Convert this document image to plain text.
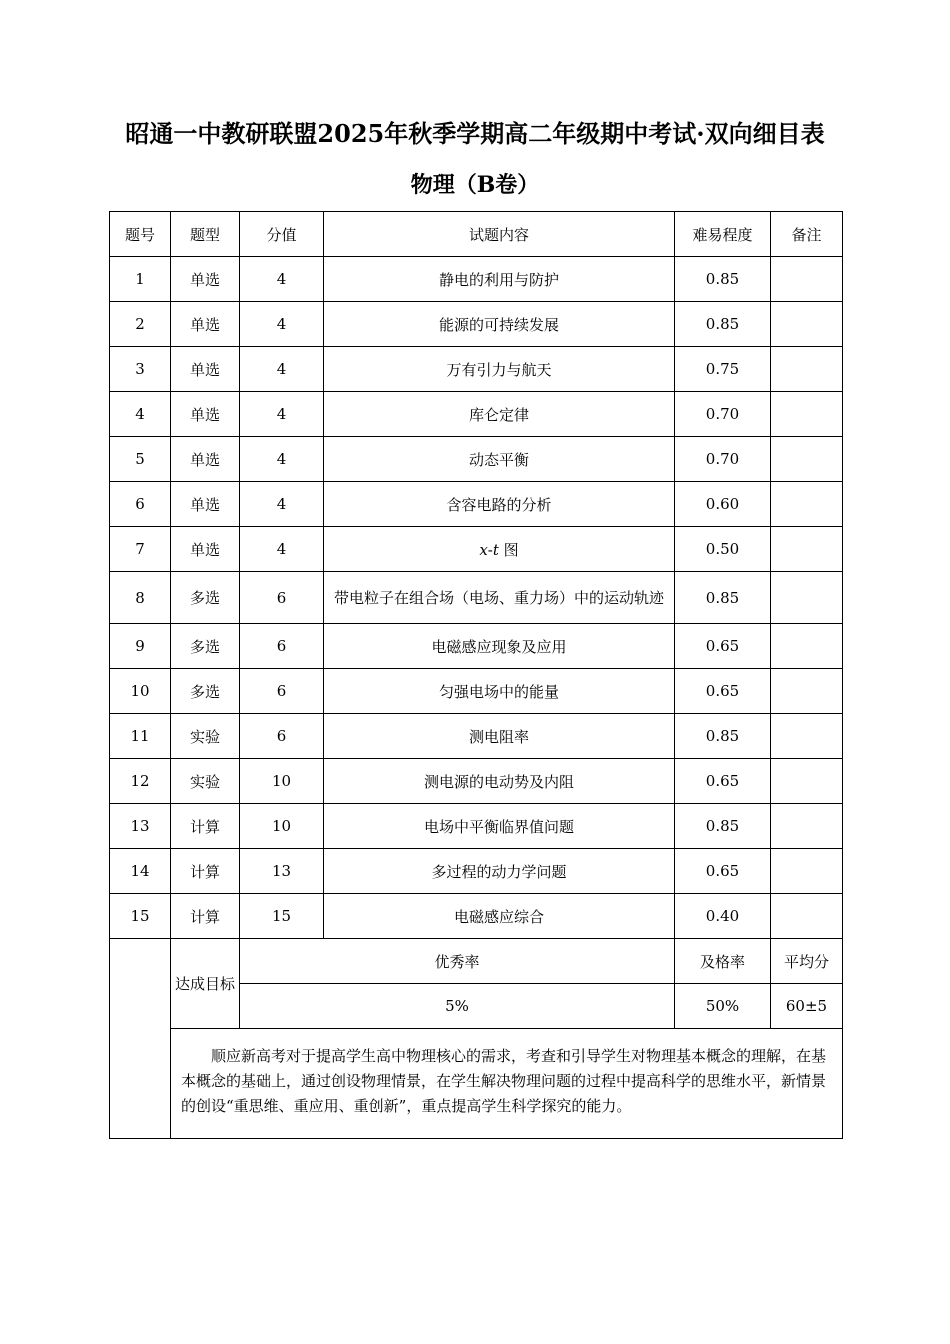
昭通一中教研联盟2025年秋季学期高二年级期中考试·双向细目表
物理（B卷）
题号	题型	分值	试题内容	难易程度	备注
1	单选	4	静电的利用与防护	0.85	
2	单选	4	能源的可持续发展	0.85	
3	单选	4	万有引力与航天	0.75	
4	单选	4	库仑定律	0.70	
5	单选	4	动态平衡	0.70	
6	单选	4	含容电路的分析	0.60	
7	单选	4	x-t 图	0.50	
8	多选	6	带电粒子在组合场（电场、重力场）中的运动轨迹	0.85	
9	多选	6	电磁感应现象及应用	0.65	
10	多选	6	匀强电场中的能量	0.65	
11	实验	6	测电阻率	0.85	
12	实验	10	测电源的电动势及内阻	0.65	
13	计算	10	电场中平衡临界值问题	0.85	
14	计算	13	多过程的动力学问题	0.65	
15	计算	15	电磁感应综合	0.40	
	达成目标	优秀率		及格率	平均分
		5%		50%	60±5
	顺应新高考对于提高学生高中物理核心的需求，考查和引导学生对物理基本概念的理解，在基本概念的基础上，通过创设物理情景，在学生解决物理问题的过程中提高科学的思维水平，新情景的创设“重思维、重应用、重创新”，重点提高学生科学探究的能力。				
